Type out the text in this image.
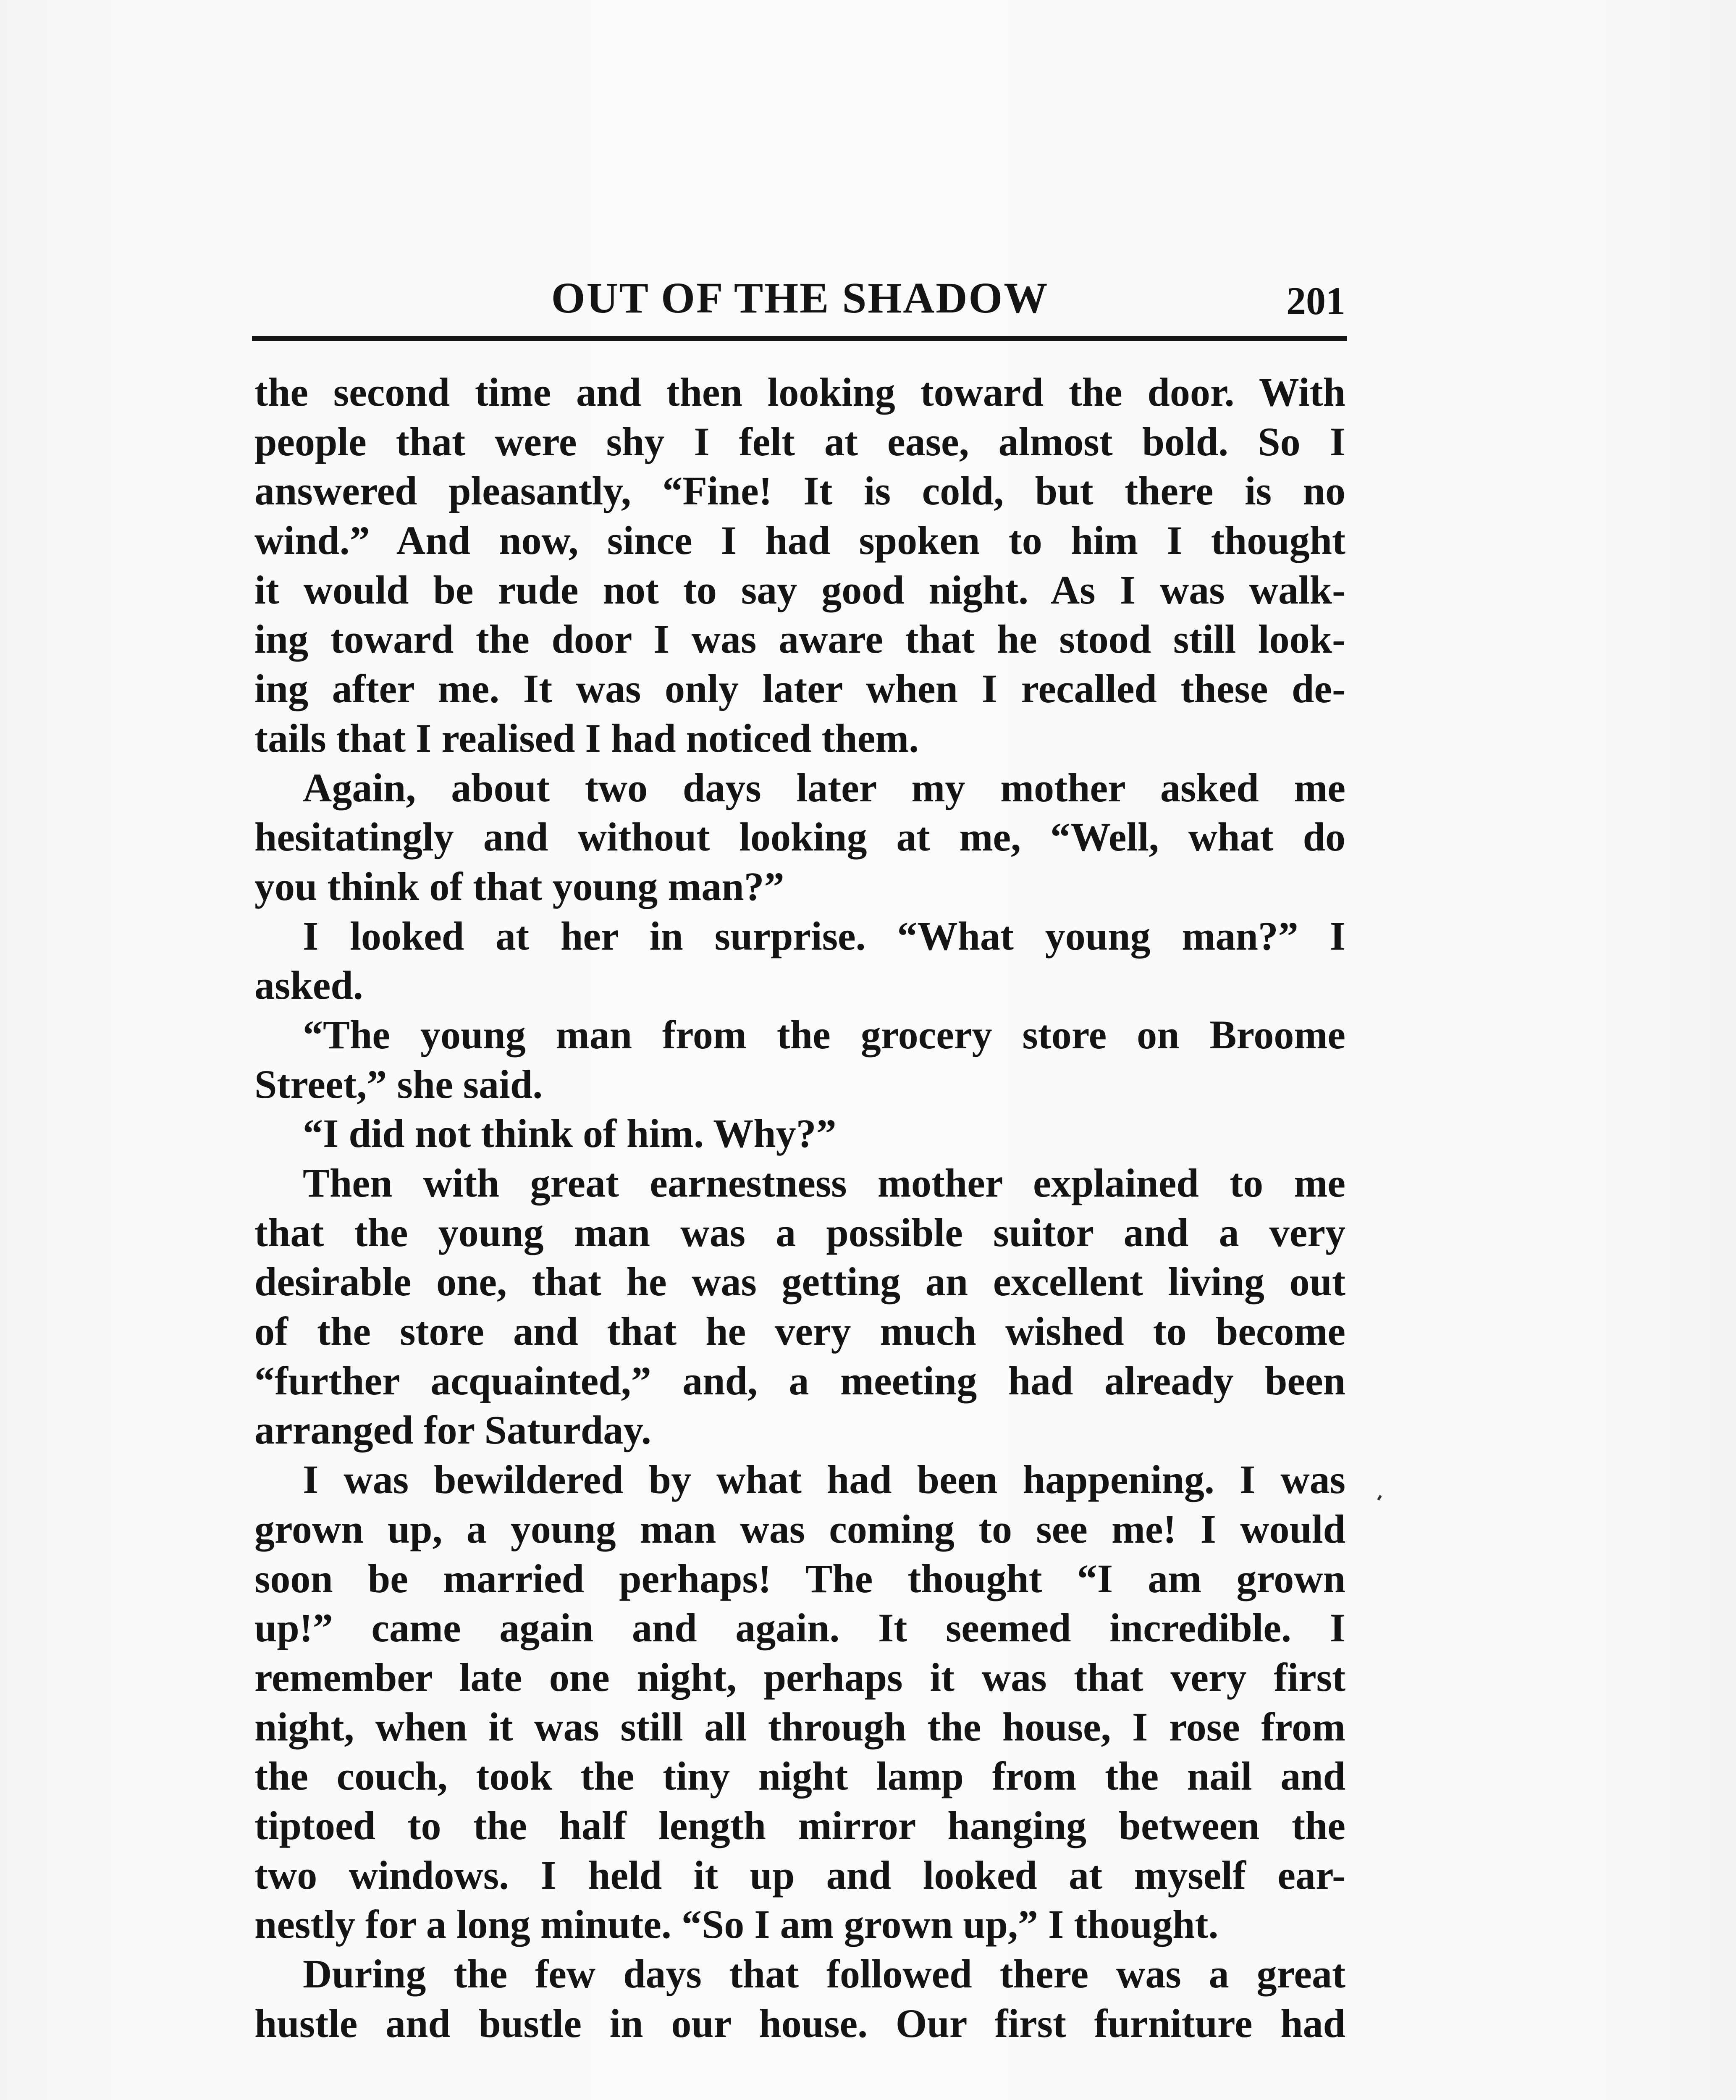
OUT OF THE SHADOW	201
the second time and then looking toward the door. With
people that were shy I felt at ease, almost bold. So I
answered pleasantly, “Fine! It is cold, but there is no
wind.” And now, since I had spoken to him I thought
it would be rude not to say good night. As I was walk-
ing toward the door I was aware that he stood still look-
ing after me. It was only later when I recalled these de-
tails that I realised I had noticed them.
Again, about two days later my mother asked me
hesitatingly and without looking at me, “Well, what do
you think of that young man?”
I looked at her in surprise. “What young man?” I
asked.
“The young man from the grocery store on Broome
Street,” she said.
“I did not think of him. Why?”
Then with great earnestness mother explained to me
that the young man was a possible suitor and a very
desirable one, that he was getting an excellent living out
of the store and that he very much wished to become
“further acquainted,” and, a meeting had already been
arranged for Saturday.
I was bewildered by what had been happening. I was
grown up, a young man was coming to see me! I would
soon be married perhaps! The thought “I am grown
up!” came again and again. It seemed incredible. I
remember late one night, perhaps it was that very first
night, when it was still all through the house, I rose from
the couch, took the tiny night lamp from the nail and
tiptoed to the half length mirror hanging between the
two windows. I held it up and looked at myself ear-
nestly for a long minute. “So I am grown up,” I thought.
During the few days that followed there was a great
hustle and bustle in our house. Our first furniture had
